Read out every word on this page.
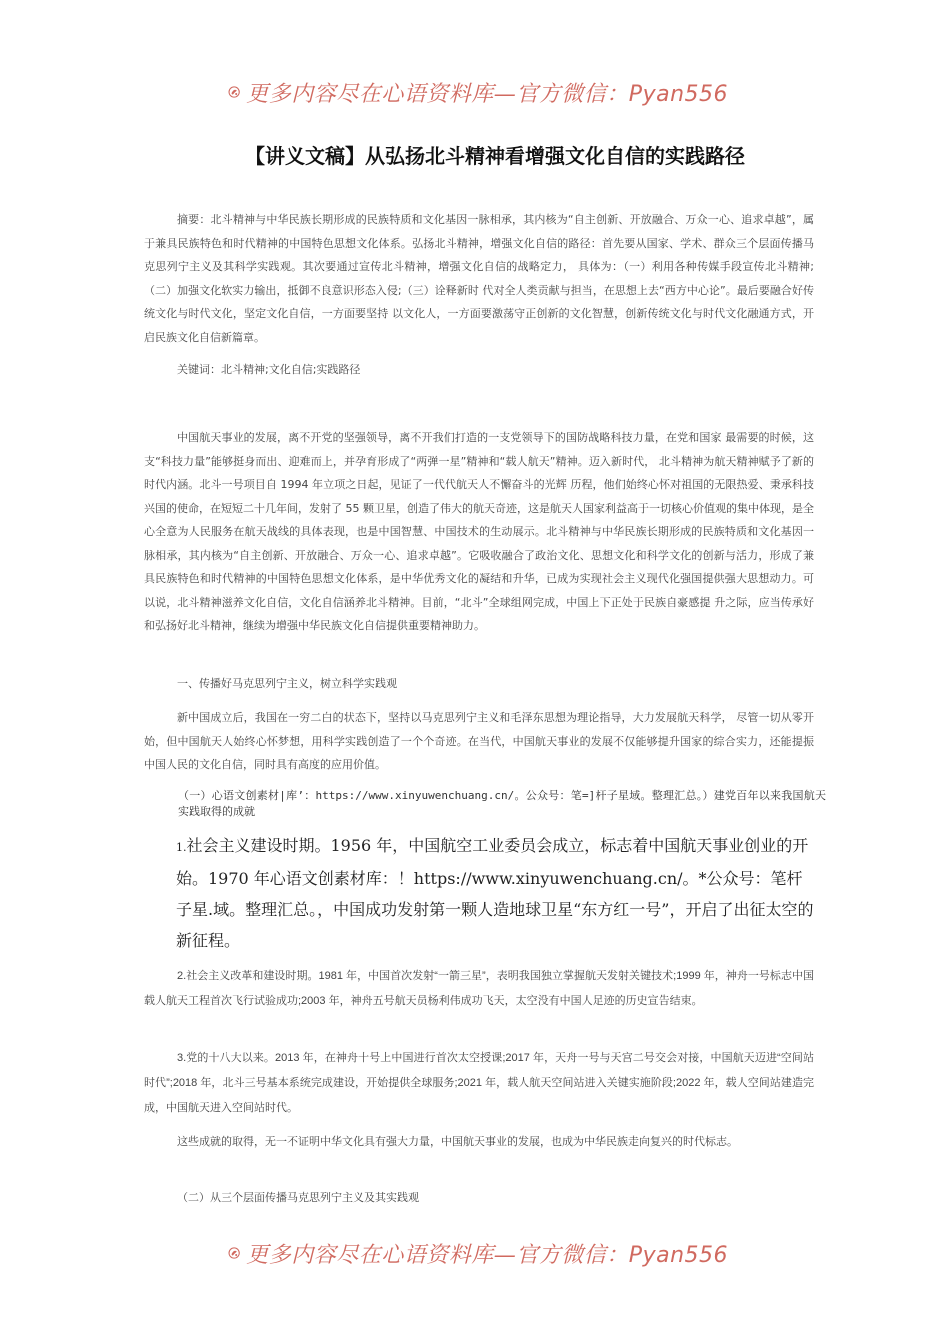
更多内容尽在心语资料库—官方微信：Pyan556
【讲义文稿】从弘扬北斗精神看增强文化自信的实践路径

摘要：北斗精神与中华民族长期形成的民族特质和文化基因一脉相承，其内核为“自主创新、开放融合、万众一心、追求卓越”，属于兼具民族特色和时代精神的中国特色思想文化体系。弘扬北斗精神，增强文化自信的路径：首先要从国家、学术、群众三个层面传播马克思列宁主义及其科学实践观。其次要通过宣传北斗精神，增强文化自信的战略定力， 具体为：（一）利用各种传媒手段宣传北斗精神;（二）加强文化软实力输出，抵御不良意识形态入侵;（三）诠释新时 代对全人类贡献与担当，在思想上去“西方中心论”。最后要融合好传统文化与时代文化，坚定文化自信，一方面要坚持 以文化人，一方面要激荡守正创新的文化智慧，创新传统文化与时代文化融通方式，开启民族文化自信新篇章。

关键词：北斗精神;文化自信;实践路径

中国航天事业的发展，离不开党的坚强领导，离不开我们打造的一支党领导下的国防战略科技力量，在党和国家 最需要的时候，这支“科技力量”能够挺身而出、迎难而上，并孕育形成了“两弹一星”精神和“载人航天”精神。迈入新时代， 北斗精神为航天精神赋予了新的时代内涵。北斗一号项目自 1994 年立项之日起，见证了一代代航天人不懈奋斗的光辉 历程，他们始终心怀对祖国的无限热爱、秉承科技兴国的使命，在短短二十几年间，发射了 55 颗卫星，创造了伟大的航天奇迹，这是航天人国家利益高于一切核心价值观的集中体现，是全心全意为人民服务在航天战线的具体表现，也是中国智慧、中国技术的生动展示。北斗精神与中华民族长期形成的民族特质和文化基因一脉相承，其内核为“自主创新、开放融合、万众一心、追求卓越”。它吸收融合了政治文化、思想文化和科学文化的创新与活力，形成了兼具民族特色和时代精神的中国特色思想文化体系，是中华优秀文化的凝结和升华，已成为实现社会主义现代化强国提供强大思想动力。可以说，北斗精神滋养文化自信，文化自信涵养北斗精神。目前，“北斗”全球组网完成，中国上下正处于民族自豪感提 升之际，应当传承好和弘扬好北斗精神，继续为增强中华民族文化自信提供重要精神助力。

一、传播好马克思列宁主义，树立科学实践观

新中国成立后，我国在一穷二白的状态下，坚持以马克思列宁主义和毛泽东思想为理论指导，大力发展航天科学， 尽管一切从零开始，但中国航天人始终心怀梦想，用科学实践创造了一个个奇迹。在当代，中国航天事业的发展不仅能够提升国家的综合实力，还能提振中国人民的文化自信，同时具有高度的应用价值。

（一）心语文创素材|库’：https://www.xinyuwenchuang.cn/。公众号：笔=]杆子星域。整理汇总。）建党百年以来我国航天实践取得的成就

1.社会主义建设时期。1956 年，中国航空工业委员会成立，标志着中国航天事业创业的开始。1970 年心语文创素材库：！https://www.xinyuwenchuang.cn/。*公众号：笔杆子星.域。整理汇总。，中国成功发射第一颗人造地球卫星“东方红一号”，开启了出征太空的新征程。

2.社会主义改革和建设时期。1981 年，中国首次发射“一箭三星”，表明我国独立掌握航天发射关键技术;1999 年，神舟一号标志中国载人航天工程首次飞行试验成功;2003 年，神舟五号航天员杨利伟成功飞天，太空没有中国人足迹的历史宣告结束。

3.党的十八大以来。2013 年，在神舟十号上中国进行首次太空授课;2017 年，天舟一号与天宫二号交会对接，中国航天迈进“空间站时代”;2018 年，北斗三号基本系统完成建设，开始提供全球服务;2021 年，载人航天空间站进入关键实施阶段;2022 年，载人空间站建造完成，中国航天进入空间站时代。

这些成就的取得，无一不证明中华文化具有强大力量，中国航天事业的发展，也成为中华民族走向复兴的时代标志。

（二）从三个层面传播马克思列宁主义及其实践观

更多内容尽在心语资料库—官方微信：Pyan556
